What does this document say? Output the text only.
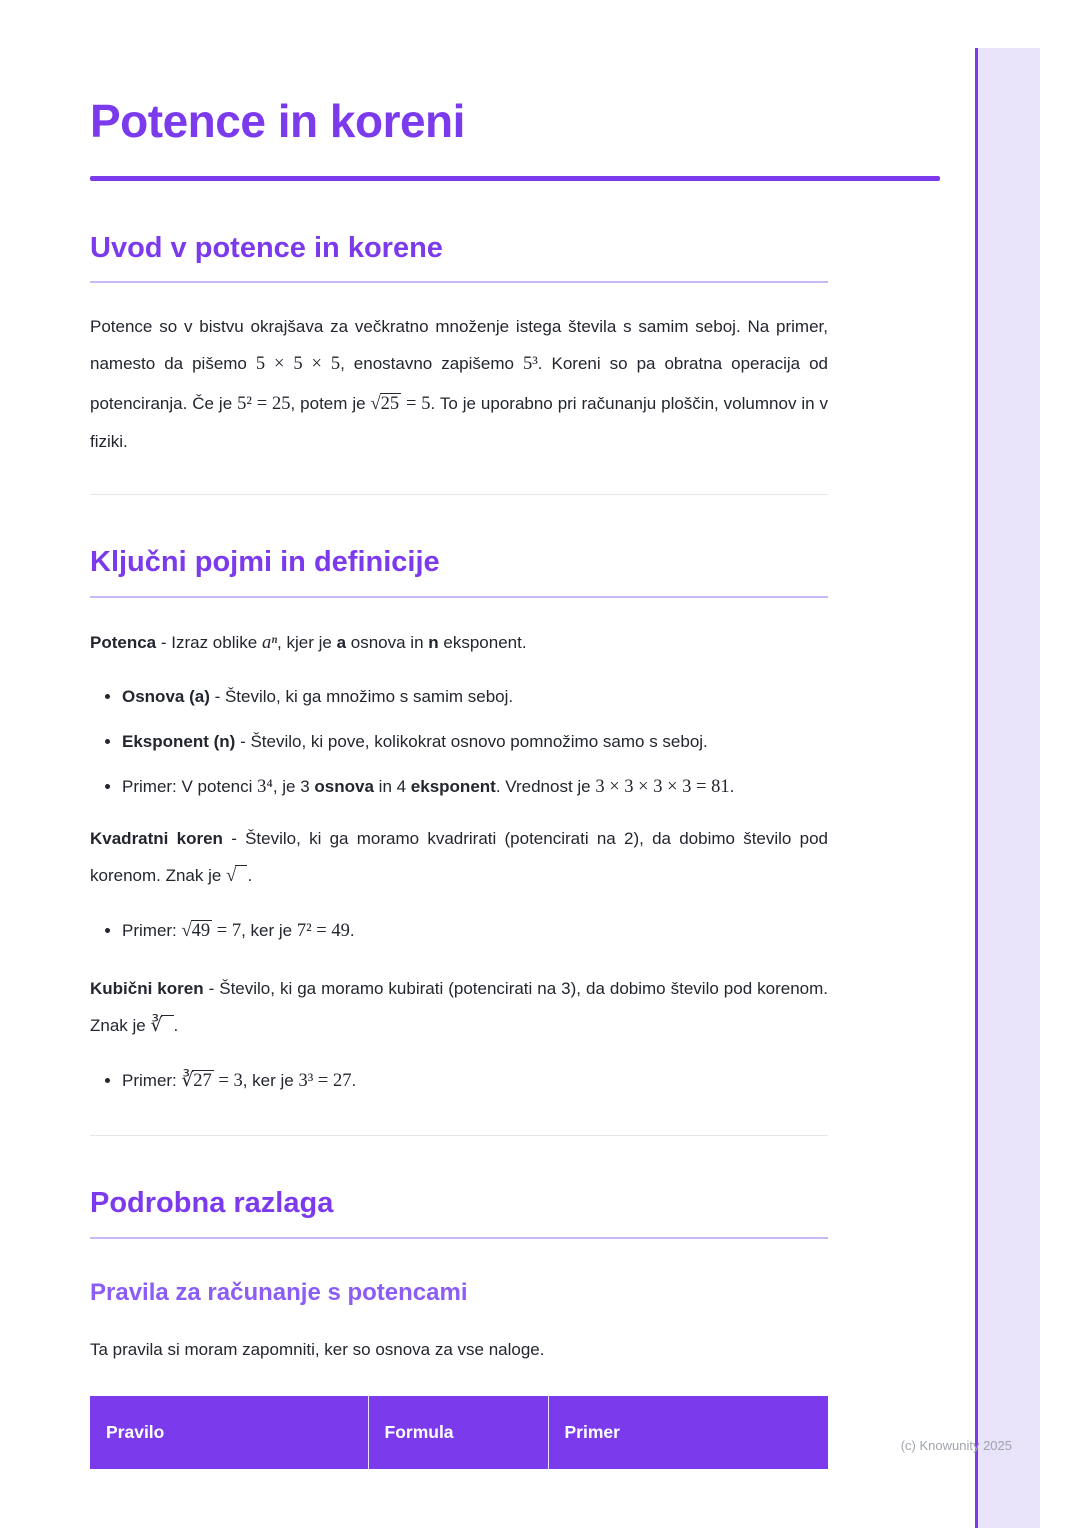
Potence in koreni
Uvod v potence in korene

Potence so v bistvu okrajšava za večkratno množenje istega števila s samim seboj. Na primer, namesto da pišemo 5 × 5 × 5, enostavno zapišemo 5³. Koreni so pa obratna operacija od potenciranja. Če je 5² = 25, potem je √25 = 5. To je uporabno pri računanju ploščin, volumnov in v fiziki.

Ključni pojmi in definicije

Potenca - Izraz oblike aⁿ, kjer je a osnova in n eksponent.

• Osnova (a) - Število, ki ga množimo s samim seboj.
• Eksponent (n) - Število, ki pove, kolikokrat osnovo pomnožimo samo s seboj.
• Primer: V potenci 3⁴, je 3 osnova in 4 eksponent. Vrednost je 3 × 3 × 3 × 3 = 81.

Kvadratni koren - Število, ki ga moramo kvadrirati (potencirati na 2), da dobimo število pod korenom. Znak je √ .

• Primer: √49 = 7, ker je 7² = 49.

Kubični koren - Število, ki ga moramo kubirati (potencirati na 3), da dobimo število pod korenom. Znak je ∛ .

• Primer: ∛27 = 3, ker je 3³ = 27.
Podrobna razlaga
Pravila za računanje s potencami

Ta pravila si moram zapomniti, ker so osnova za vse naloge.

Pravilo	Formula	Primer
(c) Knowunity 2025
